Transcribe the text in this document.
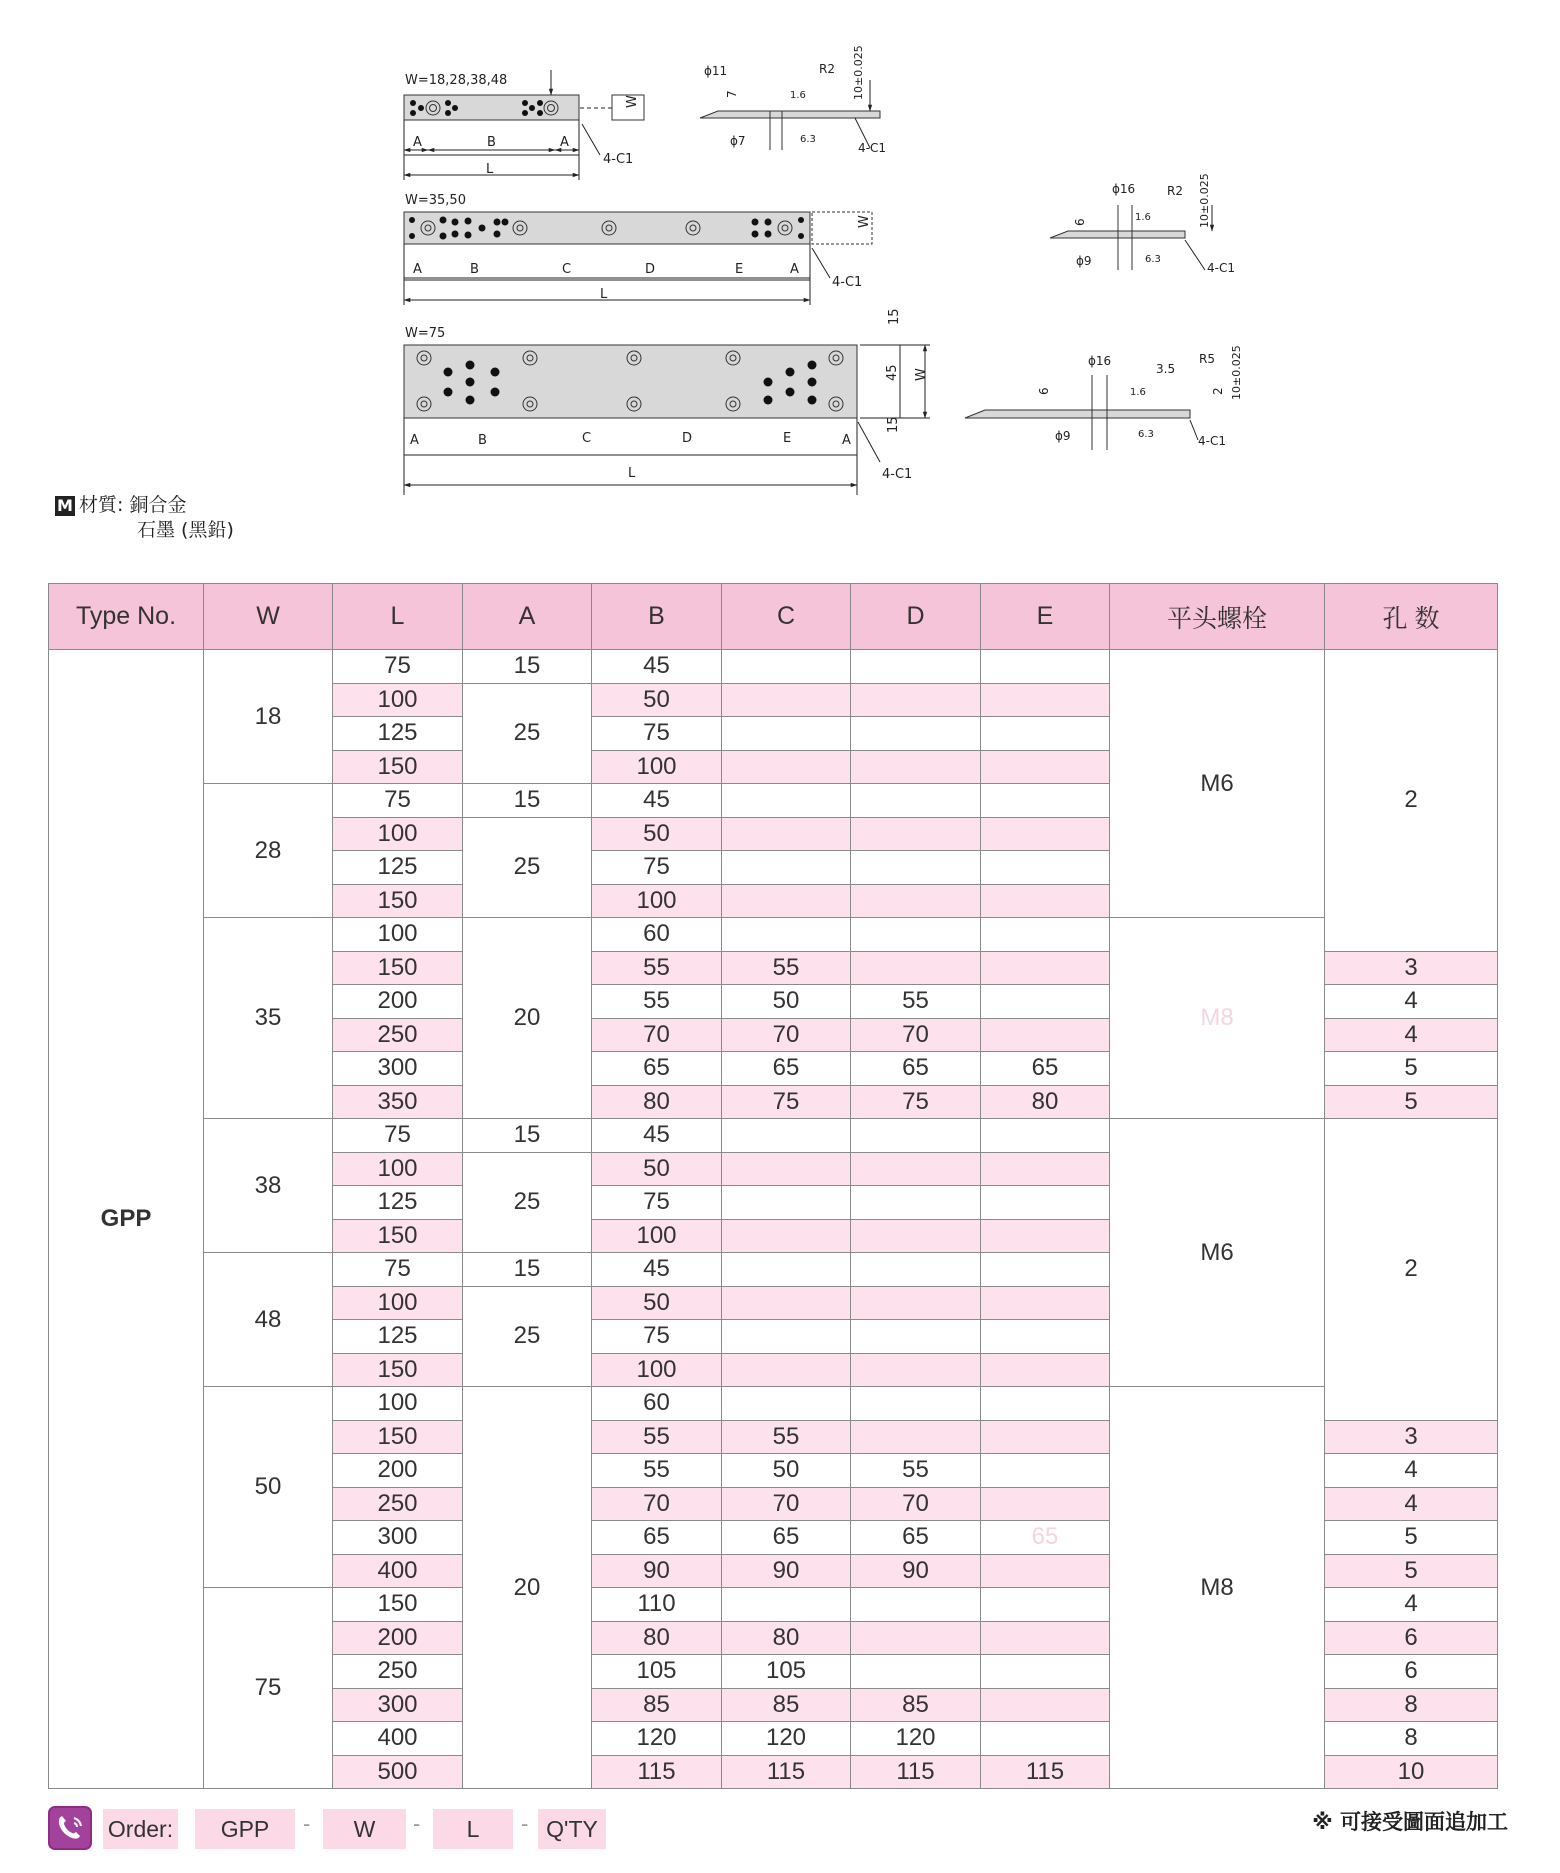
W=18,28,38,48
W
A	B	A
L
4-C1
ϕ11
7
ϕ7
R2
1.6
6.3
10±0.025
4-C1
W=35,50
W
A	B	C	D	E	A
L
4-C1
ϕ16
6
ϕ9
R2
1.6
6.3
10±0.025
4-C1
W=75
15
45 W
15
A	B	C	D	E	A
L	4-C1
ϕ16
6
ϕ9
3.5
R5
2
1.6
6.3
10±0.025
4-C1
M 材質: 銅合金
石墨 (黑鉛)
Type No.	W	L	A	B	C	D	E	平头螺栓	孔 数
GPP	18	75	15	45				M6	2
		100	25	50					
		125		75					
		150		100					
	28	75	15	45					
		100	25	50					
		125		75					
		150		100					
	35	100	20	60				M8	
		150		55	55				3
		200		55	50	55			4
		250		70	70	70			4
		300		65	65	65	65		5
		350		80	75	75	80		5
	38	75	15	45				M6	2
		100	25	50					
		125		75					
		150		100					
	48	75	15	45					
		100	25	50					
		125		75					
		150		100					
	50	100	20	60				M8	
		150		55	55				3
		200		55	50	55			4
		250		70	70	70			4
		300		65	65	65	65		5
		400		90	90	90			5
	75	150		110					4
		200		80	80				6
		250		105	105				6
		300		85	85	85			8
		400		120	120	120			8
		500		115	115	115	115		10
Order:	GPP	-	W	-	L	- Q'TY	※ 可接受圖面追加工
